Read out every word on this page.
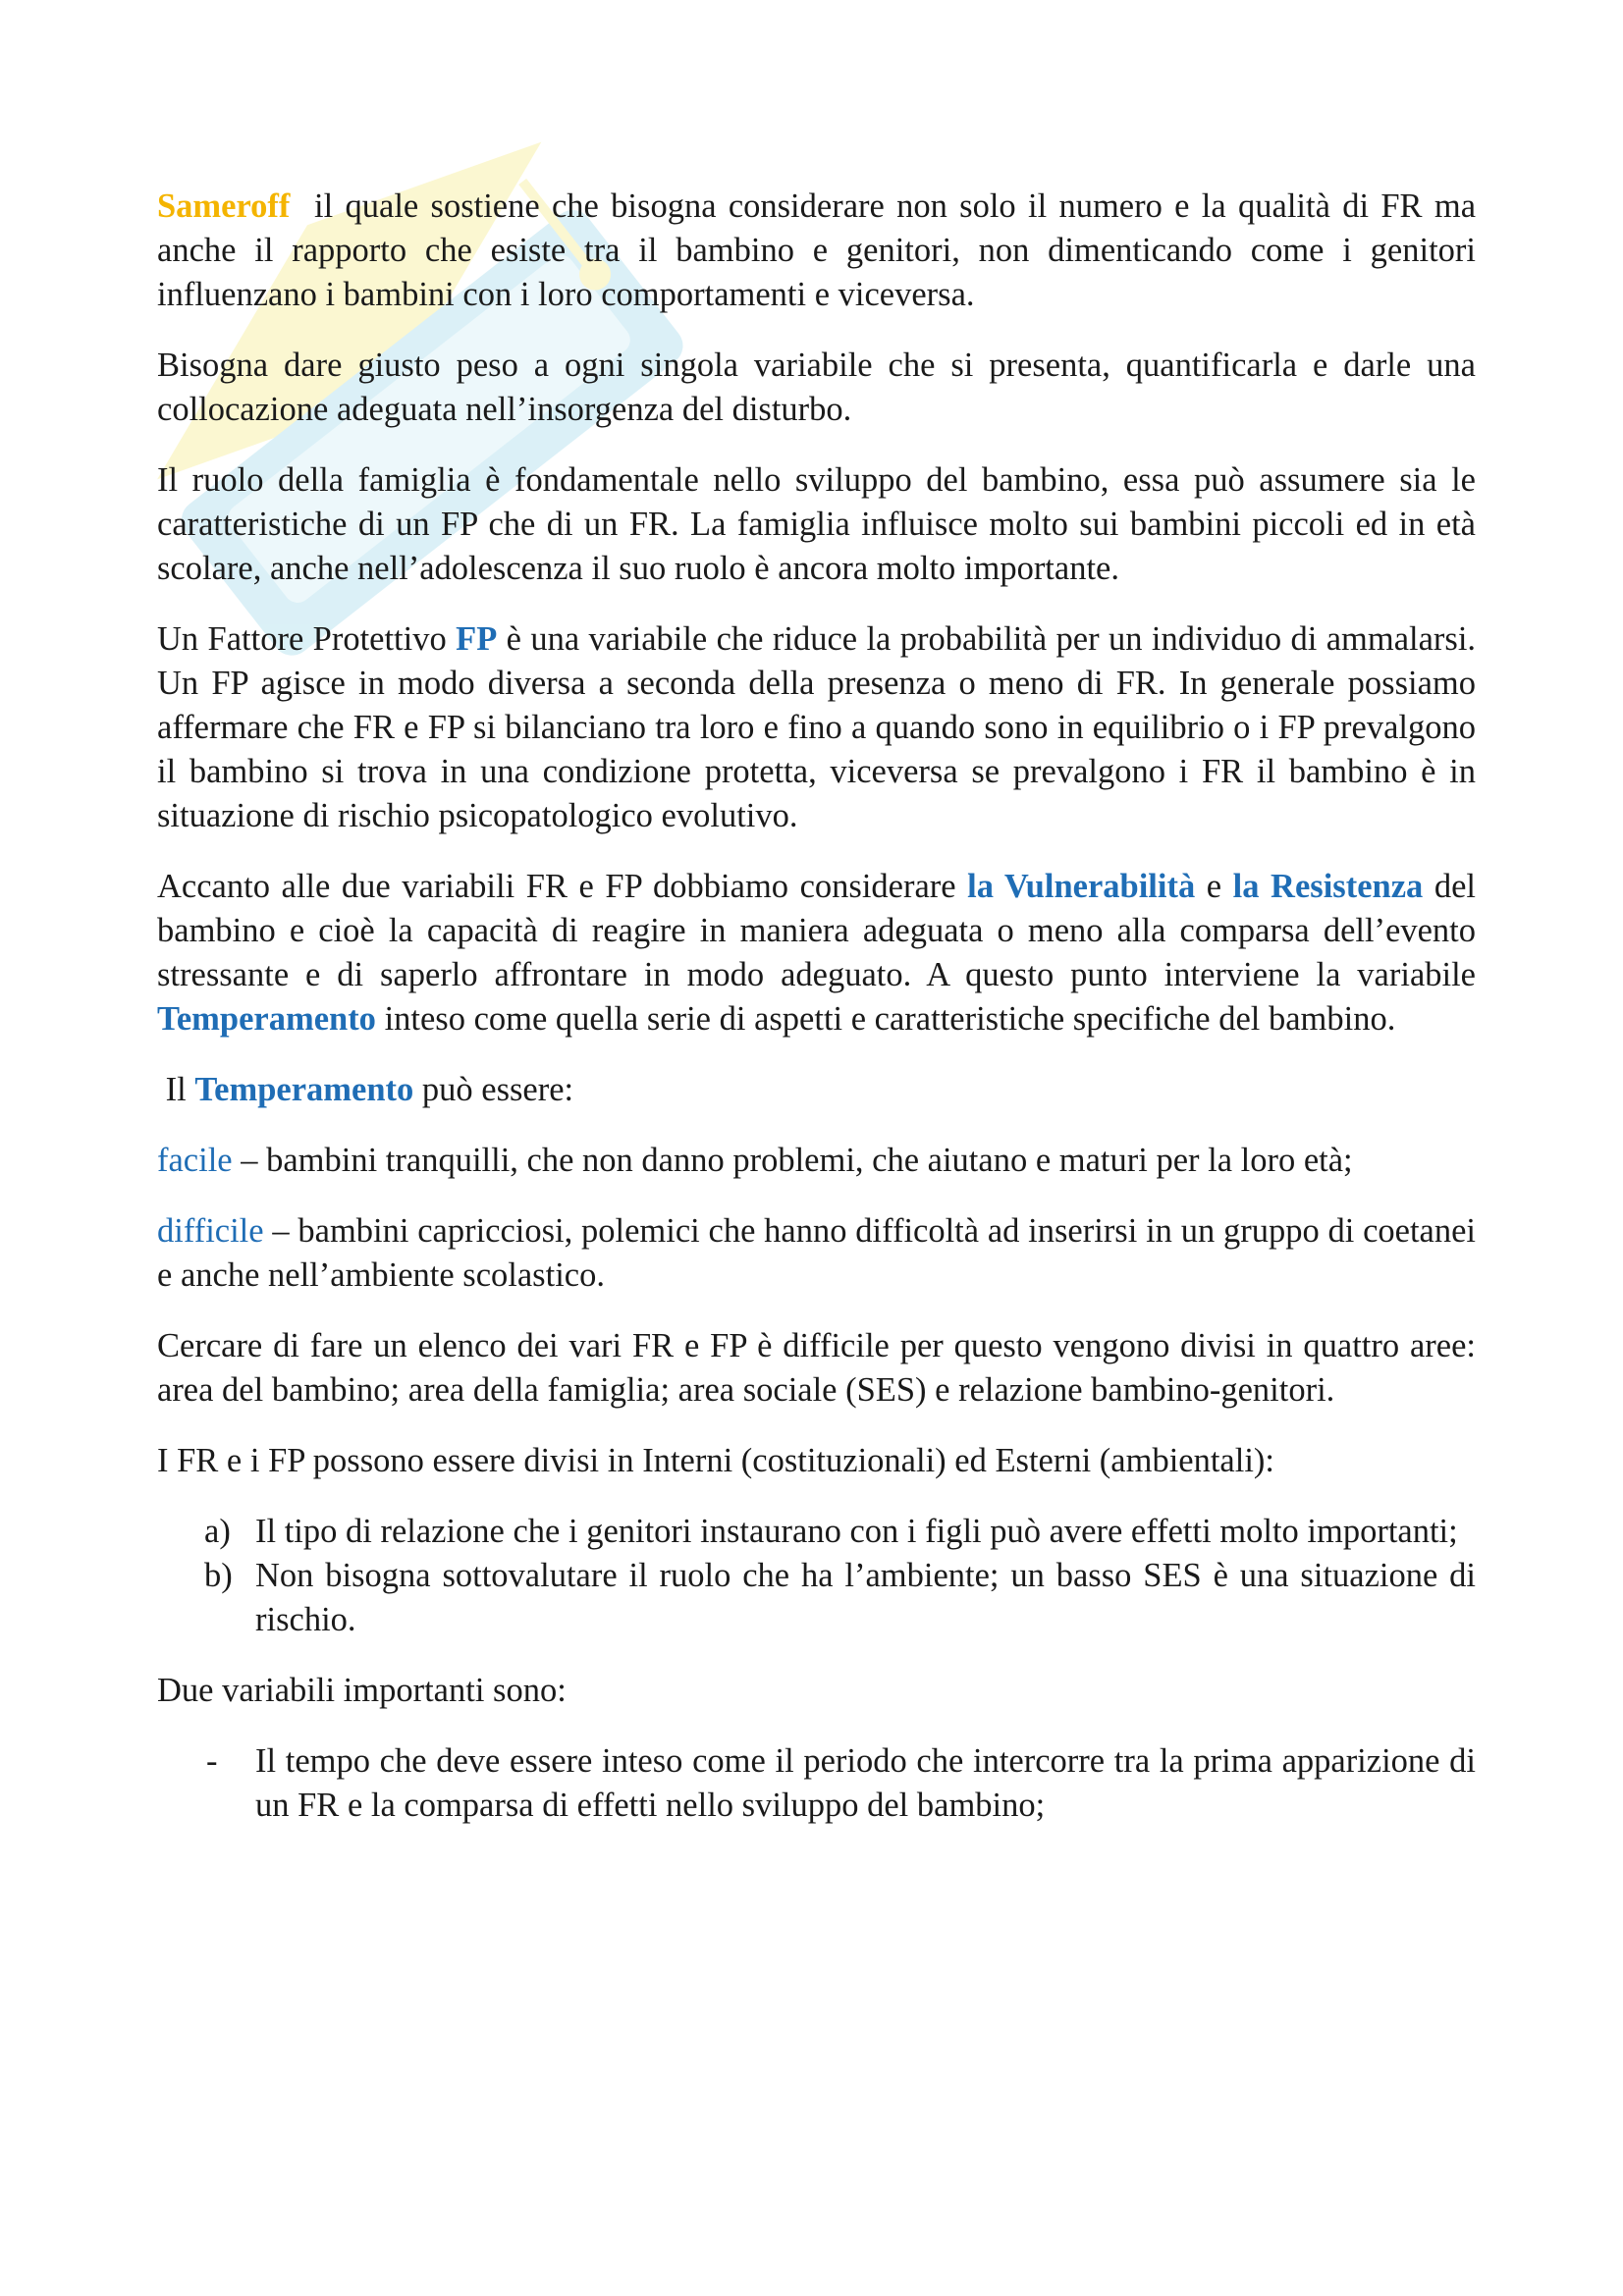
Sameroff il quale sostiene che bisogna considerare non solo il numero e la qualità di FR ma anche il rapporto che esiste tra il bambino e genitori, non dimenticando come i genitori influenzano i bambini con i loro comportamenti e viceversa.

Bisogna dare giusto peso a ogni singola variabile che si presenta, quantificarla e darle una collocazione adeguata nell’insorgenza del disturbo.

Il ruolo della famiglia è fondamentale nello sviluppo del bambino, essa può assumere sia le caratteristiche di un FP che di un FR. La famiglia influisce molto sui bambini piccoli ed in età scolare, anche nell’adolescenza il suo ruolo è ancora molto importante.

Un Fattore Protettivo FP è una variabile che riduce la probabilità per un individuo di ammalarsi. Un FP agisce in modo diversa a seconda della presenza o meno di FR. In generale possiamo affermare che FR e FP si bilanciano tra loro e fino a quando sono in equilibrio o i FP prevalgono il bambino si trova in una condizione protetta, viceversa se prevalgono i FR il bambino è in situazione di rischio psicopatologico evolutivo.

Accanto alle due variabili FR e FP dobbiamo considerare la Vulnerabilità e la Resistenza del bambino e cioè la capacità di reagire in maniera adeguata o meno alla comparsa dell’evento stressante e di saperlo affrontare in modo adeguato. A questo punto interviene la variabile Temperamento inteso come quella serie di aspetti e caratteristiche specifiche del bambino.

Il Temperamento può essere:

facile – bambini tranquilli, che non danno problemi, che aiutano e maturi per la loro età;

difficile – bambini capricciosi, polemici che hanno difficoltà ad inserirsi in un gruppo di coetanei e anche nell’ambiente scolastico.

Cercare di fare un elenco dei vari FR e FP è difficile per questo vengono divisi in quattro aree: area del bambino; area della famiglia; area sociale (SES) e relazione bambino-genitori.

I FR e i FP possono essere divisi in Interni (costituzionali) ed Esterni (ambientali):

a) Il tipo di relazione che i genitori instaurano con i figli può avere effetti molto importanti;
b) Non bisogna sottovalutare il ruolo che ha l’ambiente; un basso SES è una situazione di rischio.

Due variabili importanti sono:

- Il tempo che deve essere inteso come il periodo che intercorre tra la prima apparizione di un FR e la comparsa di effetti nello sviluppo del bambino;
